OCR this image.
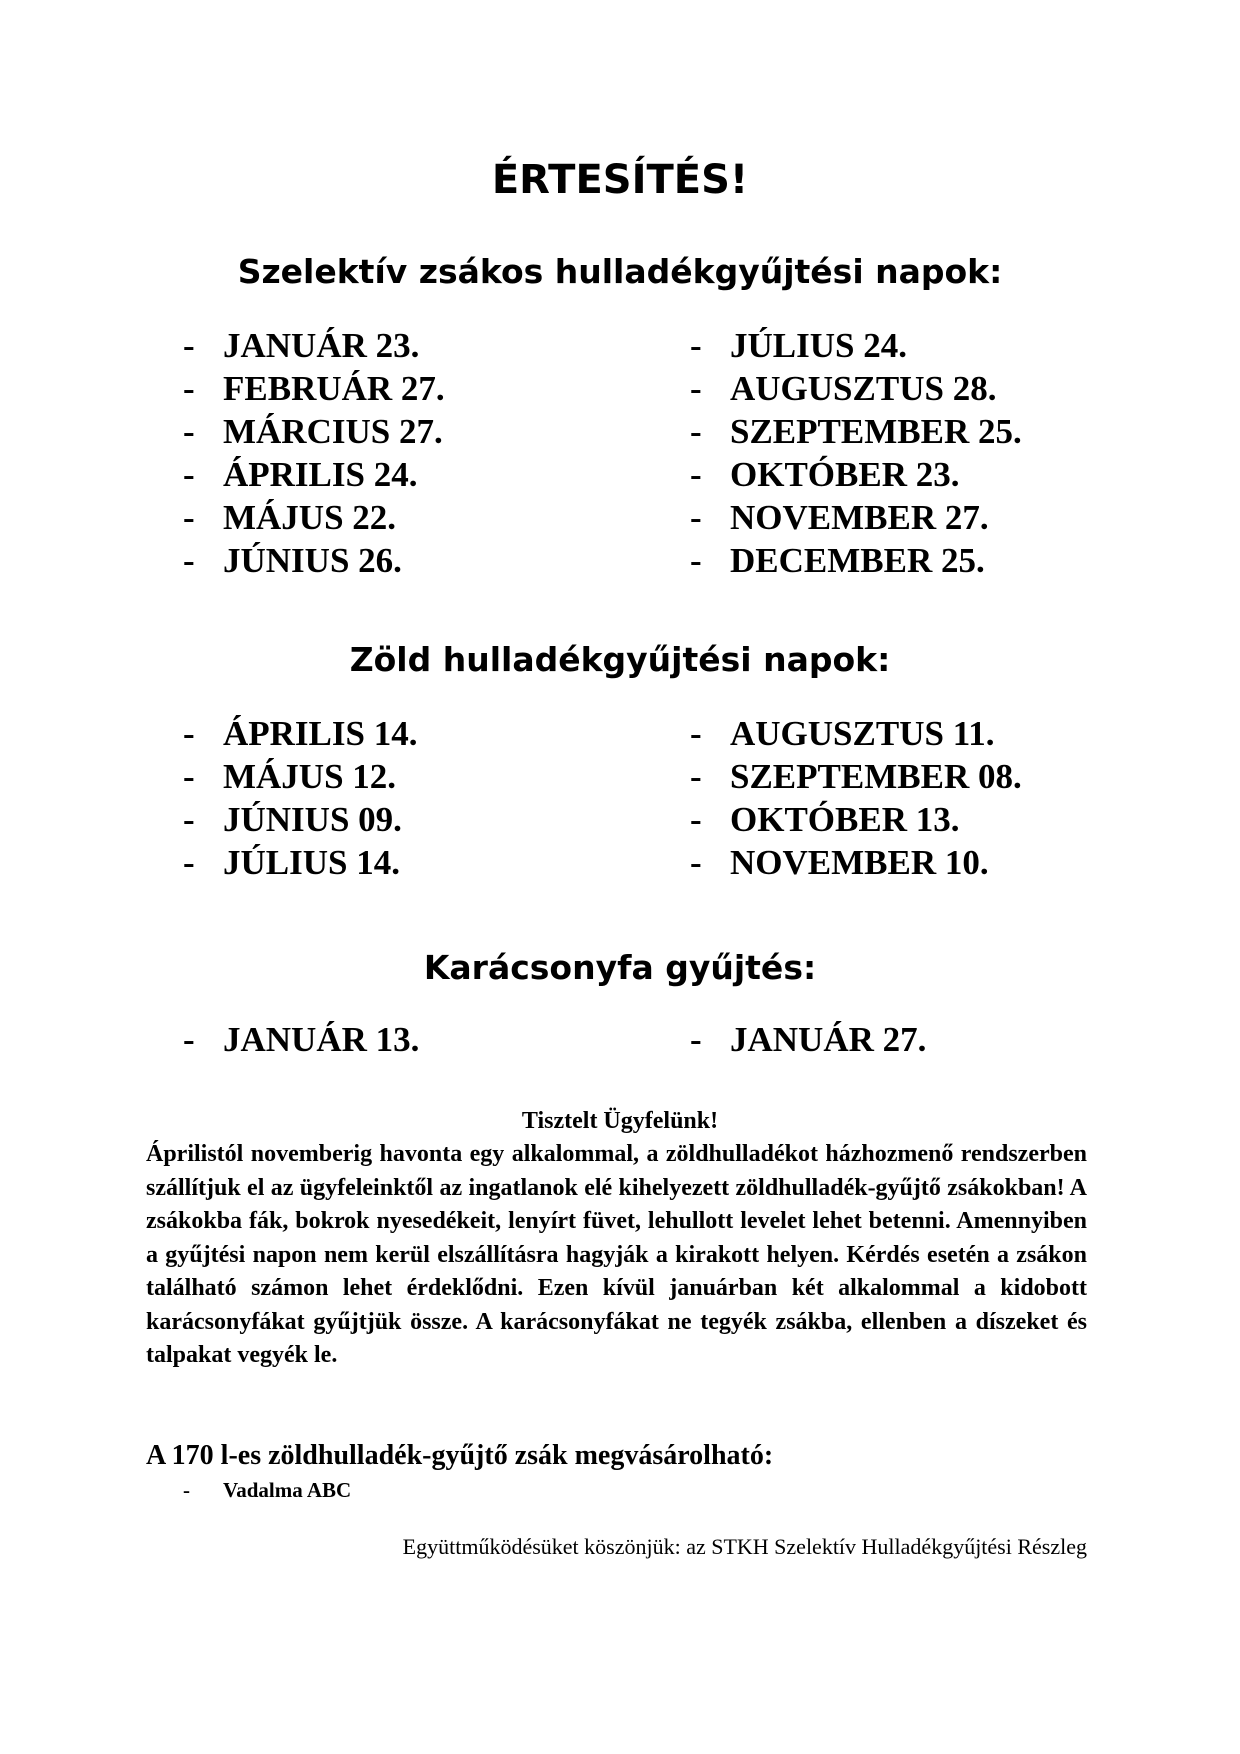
ÉRTESÍTÉS!
Szelektív zsákos hulladékgyűjtési napok:
- JANUÁR 23.
- FEBRUÁR 27.
- MÁRCIUS 27.
- ÁPRILIS 24.
- MÁJUS 22.
- JÚNIUS 26.
- JÚLIUS 24.
- AUGUSZTUS 28.
- SZEPTEMBER 25.
- OKTÓBER 23.
- NOVEMBER 27.
- DECEMBER 25.
Zöld hulladékgyűjtési napok:
- ÁPRILIS 14.
- MÁJUS 12.
- JÚNIUS 09.
- JÚLIUS 14.
- AUGUSZTUS 11.
- SZEPTEMBER 08.
- OKTÓBER 13.
- NOVEMBER 10.
Karácsonyfa gyűjtés:
- JANUÁR 13.	- JANUÁR 27.

Tisztelt Ügyfelünk!

Áprilistól novemberig havonta egy alkalommal, a zöldhulladékot házhozmenő rendszerben szállítjuk el az ügyfeleinktől az ingatlanok elé kihelyezett zöldhulladék-gyűjtő zsákokban! A zsákokba fák, bokrok nyesedékeit, lenyírt füvet, lehullott levelet lehet betenni. Amennyiben a gyűjtési napon nem kerül elszállításra hagyják a kirakott helyen. Kérdés esetén a zsákon található számon lehet érdeklődni. Ezen kívül januárban két alkalommal a kidobott karácsonyfákat gyűjtjük össze. A karácsonyfákat ne tegyék zsákba, ellenben a díszeket és talpakat vegyék le.

A 170 l-es zöldhulladék-gyűjtő zsák megvásárolható:

- Vadalma ABC

Együttműködésüket köszönjük: az STKH Szelektív Hulladékgyűjtési Részleg
